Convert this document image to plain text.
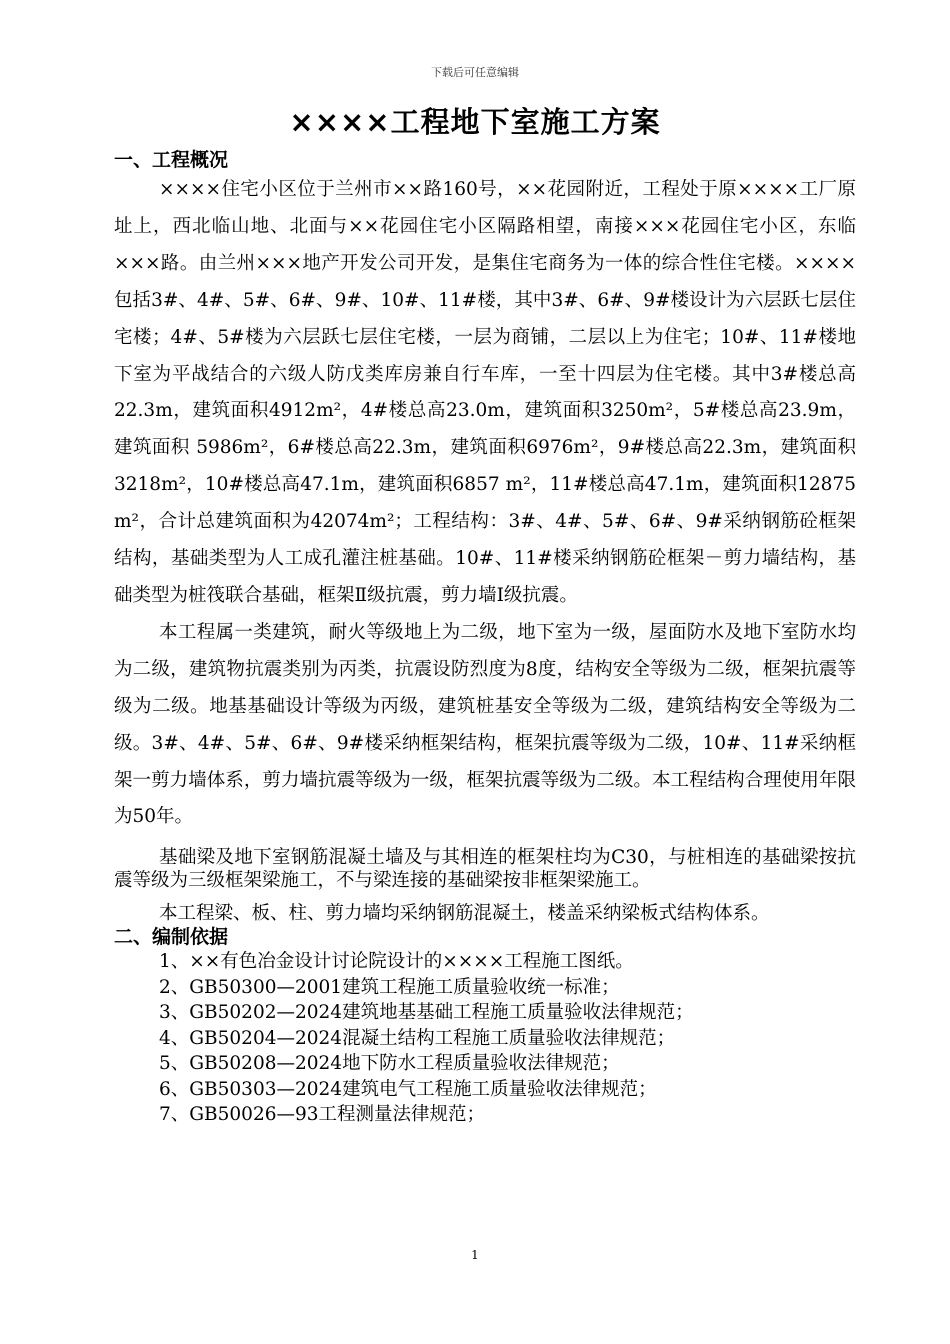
下载后可任意编辑
××××工程地下室施工方案
一、工程概况

××××住宅小区位于兰州市××路160号，××花园附近，工程处于原××××工厂原址上，西北临山地、北面与××花园住宅小区隔路相望，南接×××花园住宅小区，东临×××路。由兰州×××地产开发公司开发，是集住宅商务为一体的综合性住宅楼。××××包括3#、4#、5#、6#、9#、10#、11#楼，其中3#、6#、9#楼设计为六层跃七层住宅楼；4#、5#楼为六层跃七层住宅楼，一层为商铺，二层以上为住宅；10#、11#楼地下室为平战结合的六级人防戊类库房兼自行车库，一至十四层为住宅楼。其中3#楼总高22.3m，建筑面积4912m²，4#楼总高23.0m，建筑面积3250m²，5#楼总高23.9m，建筑面积 5986m²，6#楼总高22.3m，建筑面积6976m²，9#楼总高22.3m，建筑面积 3218m²，10#楼总高47.1m，建筑面积6857 m²，11#楼总高47.1m，建筑面积12875 m²，合计总建筑面积为42074m²；工程结构：3#、4#、5#、6#、9#采纳钢筋砼框架结构，基础类型为人工成孔灌注桩基础。10#、11#楼采纳钢筋砼框架－剪力墙结构，基础类型为桩筏联合基础，框架Ⅱ级抗震，剪力墙Ⅰ级抗震。

本工程属一类建筑，耐火等级地上为二级，地下室为一级，屋面防水及地下室防水均为二级，建筑物抗震类别为丙类，抗震设防烈度为8度，结构安全等级为二级，框架抗震等级为二级。地基基础设计等级为丙级，建筑桩基安全等级为二级，建筑结构安全等级为二级。3#、4#、5#、6#、9#楼采纳框架结构，框架抗震等级为二级，10#、11#采纳框架一剪力墙体系，剪力墙抗震等级为一级，框架抗震等级为二级。本工程结构合理使用年限为50年。

基础梁及地下室钢筋混凝土墙及与其相连的框架柱均为C30，与桩相连的基础梁按抗震等级为三级框架梁施工，不与梁连接的基础梁按非框架梁施工。

本工程梁、板、柱、剪力墙均采纳钢筋混凝土，楼盖采纳梁板式结构体系。

二、编制依据
1、××有色冶金设计讨论院设计的××××工程施工图纸。
2、GB50300—2001建筑工程施工质量验收统一标准；
3、GB50202—2024建筑地基基础工程施工质量验收法律规范；
4、GB50204—2024混凝土结构工程施工质量验收法律规范；
5、GB50208—2024地下防水工程质量验收法律规范；
6、GB50303—2024建筑电气工程施工质量验收法律规范；
7、GB50026—93工程测量法律规范；
1
